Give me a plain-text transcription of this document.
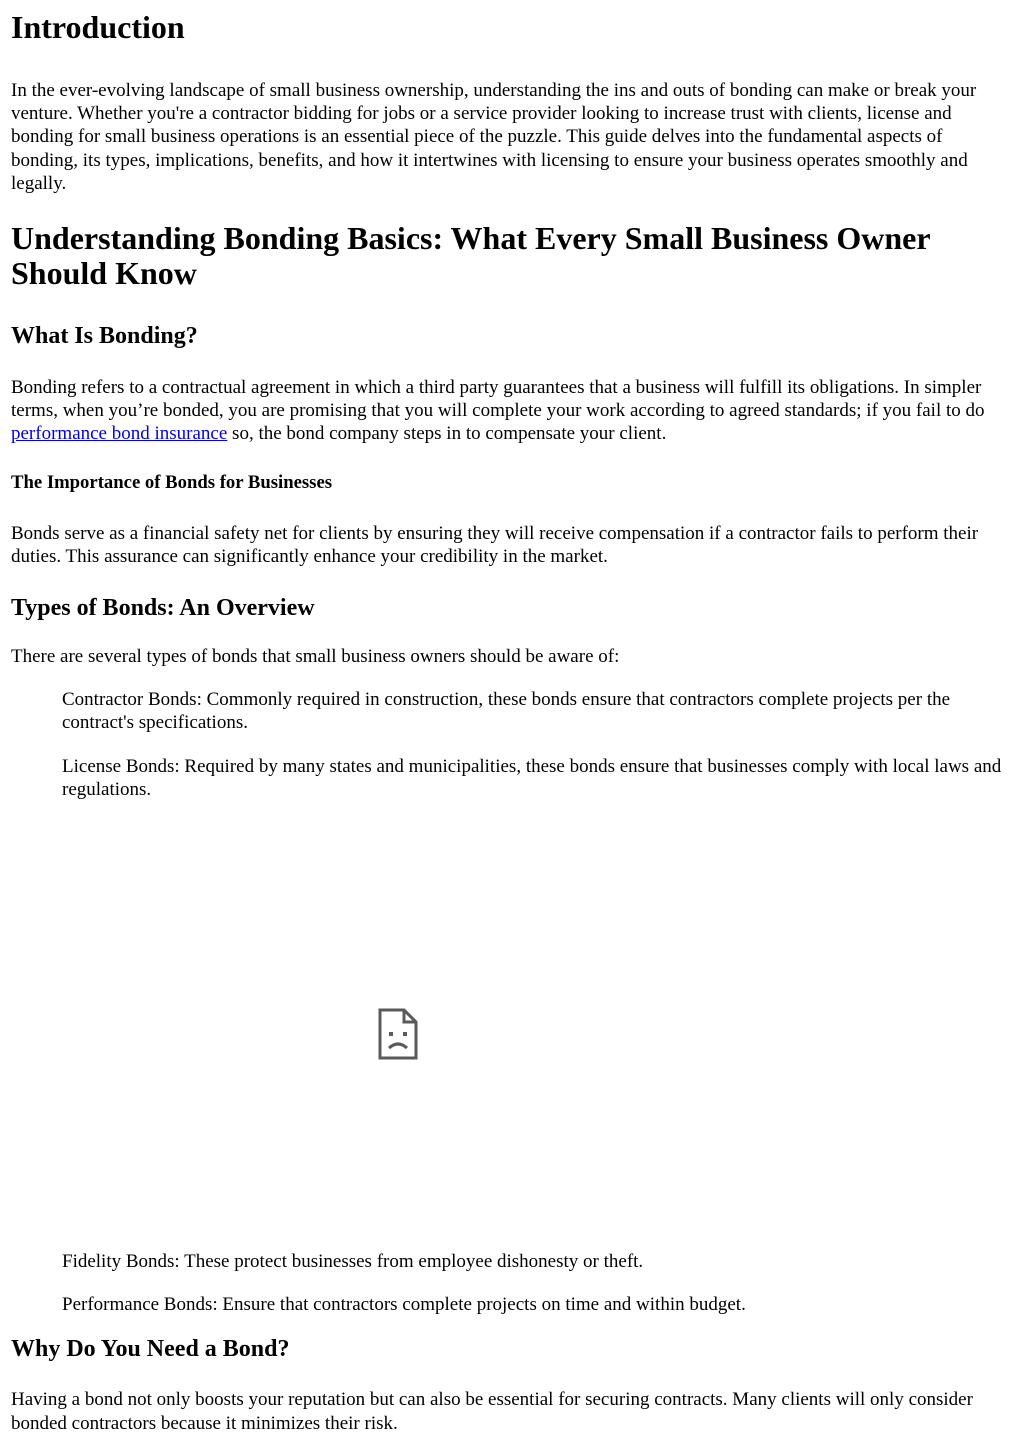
Introduction

In the ever-evolving landscape of small business ownership, understanding the ins and outs of bonding can make or break your venture. Whether you're a contractor bidding for jobs or a service provider looking to increase trust with clients, license and bonding for small business operations is an essential piece of the puzzle. This guide delves into the fundamental aspects of bonding, its types, implications, benefits, and how it intertwines with licensing to ensure your business operates smoothly and legally.

Understanding Bonding Basics: What Every Small Business Owner Should Know
What Is Bonding?

Bonding refers to a contractual agreement in which a third party guarantees that a business will fulfill its obligations. In simpler terms, when you’re bonded, you are promising that you will complete your work according to agreed standards; if you fail to do performance bond insurance so, the bond company steps in to compensate your client.

The Importance of Bonds for Businesses

Bonds serve as a financial safety net for clients by ensuring they will receive compensation if a contractor fails to perform their duties. This assurance can significantly enhance your credibility in the market.

Types of Bonds: An Overview

There are several types of bonds that small business owners should be aware of:

Contractor Bonds: Commonly required in construction, these bonds ensure that contractors complete projects per the contract's specifications.
License Bonds: Required by many states and municipalities, these bonds ensure that businesses comply with local laws and regulations.
Fidelity Bonds: These protect businesses from employee dishonesty or theft.
Performance Bonds: Ensure that contractors complete projects on time and within budget.
Why Do You Need a Bond?

Having a bond not only boosts your reputation but can also be essential for securing contracts. Many clients will only consider bonded contractors because it minimizes their risk.
